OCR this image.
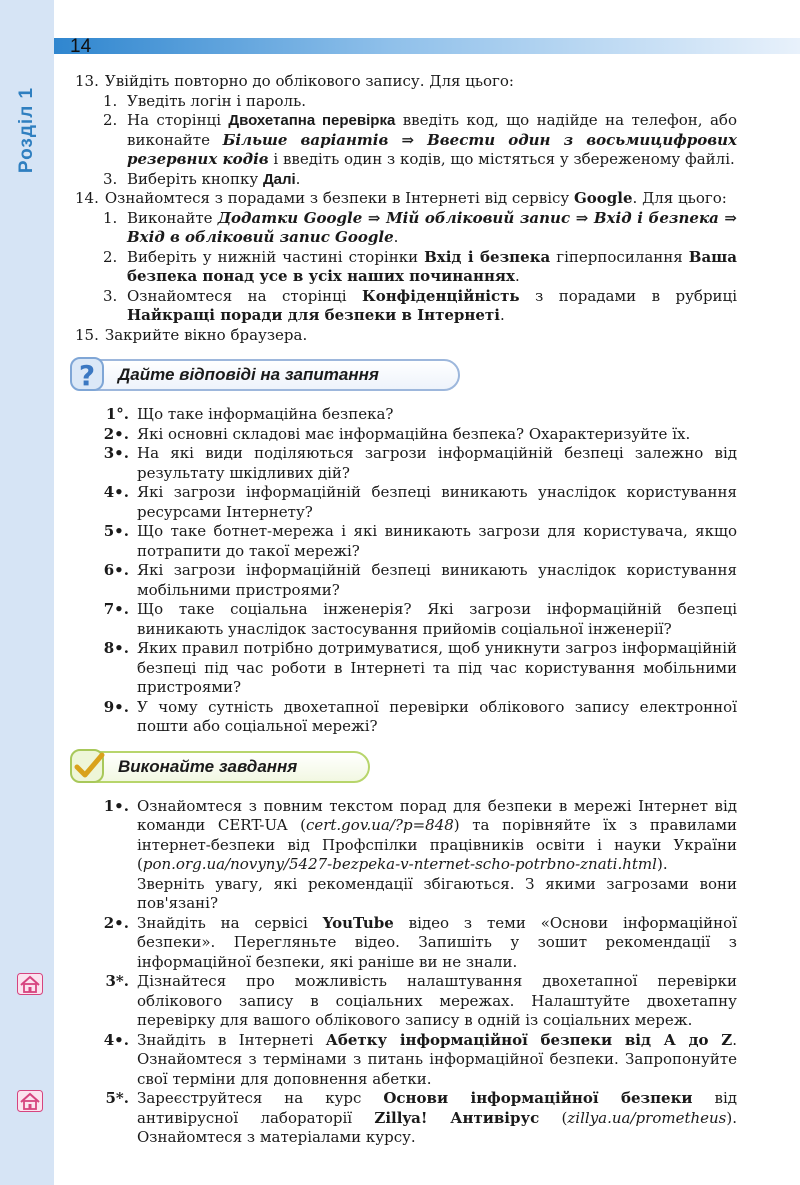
Розділ 1
14
13. Увійдіть повторно до облікового запису. Для цього:
1. Уведіть логін і пароль.
2. На сторінці Двохетапна перевірка введіть код, що надійде на телефон, або виконайте Більше варіантів ⇒ Ввести один з восьмицифрових резервних кодів і введіть один з кодів, що містяться у збереженому файлі.

3. Виберіть кнопку Далі.
14. Ознайомтеся з порадами з безпеки в Інтернеті від сервісу Google. Для цього:
1. Виконайте Додатки Google ⇒ Мій обліковий запис ⇒ Вхід і безпека ⇒ Вхід в обліковий запис Google.

2. Виберіть у нижній частині сторінки Вхід і безпека гіперпосилання Ваша безпека понад усе в усіх наших починаннях.

3. Ознайомтеся на сторінці Конфіденційність з порадами в рубриці Найкращі поради для безпеки в Інтернеті.

15. Закрийте вікно браузера.
Дайте відповіді на запитання
?
1°. Що таке інформаційна безпека?
2•. Які основні складові має інформаційна безпека? Охарактеризуйте їх.
3•. На які види поділяються загрози інформаційній безпеці залежно від результату шкідливих дій?
4•. Які загрози інформаційній безпеці виникають унаслідок користування ресурсами Інтернету?
5•. Що таке ботнет-мережа і які виникають загрози для користувача, якщо потрапити до такої мережі?
6•. Які загрози інформаційній безпеці виникають унаслідок користування мобільними пристроями?
7•. Що таке соціальна інженерія? Які загрози інформаційній безпеці виникають унаслідок застосування прийомів соціальної інженерії?
8•. Яких правил потрібно дотримуватися, щоб уникнути загроз інформаційній безпеці під час роботи в Інтернеті та під час користування мобільними пристроями?
9•. У чому сутність двохетапної перевірки облікового запису електронної пошти або соціальної мережі?
Виконайте завдання
1•. Ознайомтеся з повним текстом порад для безпеки в мережі Інтернет від команди CERT-UA (cert.gov.ua/?p=848) та порівняйте їх з правилами інтернет-безпеки від Профспілки працівників освіти і науки України (pon.org.ua/novyny/5427-bezpeka-v-nternet-scho-potrbno-znati.html). Зверніть увагу, які рекомендації збігаються. З якими загрозами вони пов'язані?

2•. Знайдіть на сервісі YouTube відео з теми «Основи інформаційної безпеки». Перегляньте відео. Запишіть у зошит рекомендації з інформаційної безпеки, які раніше ви не знали.

3*. Дізнайтеся про можливість налаштування двохетапної перевірки облікового запису в соціальних мережах. Налаштуйте двохетапну перевірку для вашого облікового запису в одній із соціальних мереж.

4•. Знайдіть в Інтернеті Абетку інформаційної безпеки від А до Z. Ознайомтеся з термінами з питань інформаційної безпеки. Запропонуйте свої терміни для доповнення абетки.

5*. Зареєструйтеся на курс Основи інформаційної безпеки від антивірусної лабораторії Zillya! Антивірус (zillya.ua/prometheus). Ознайомтеся з матеріалами курсу.
